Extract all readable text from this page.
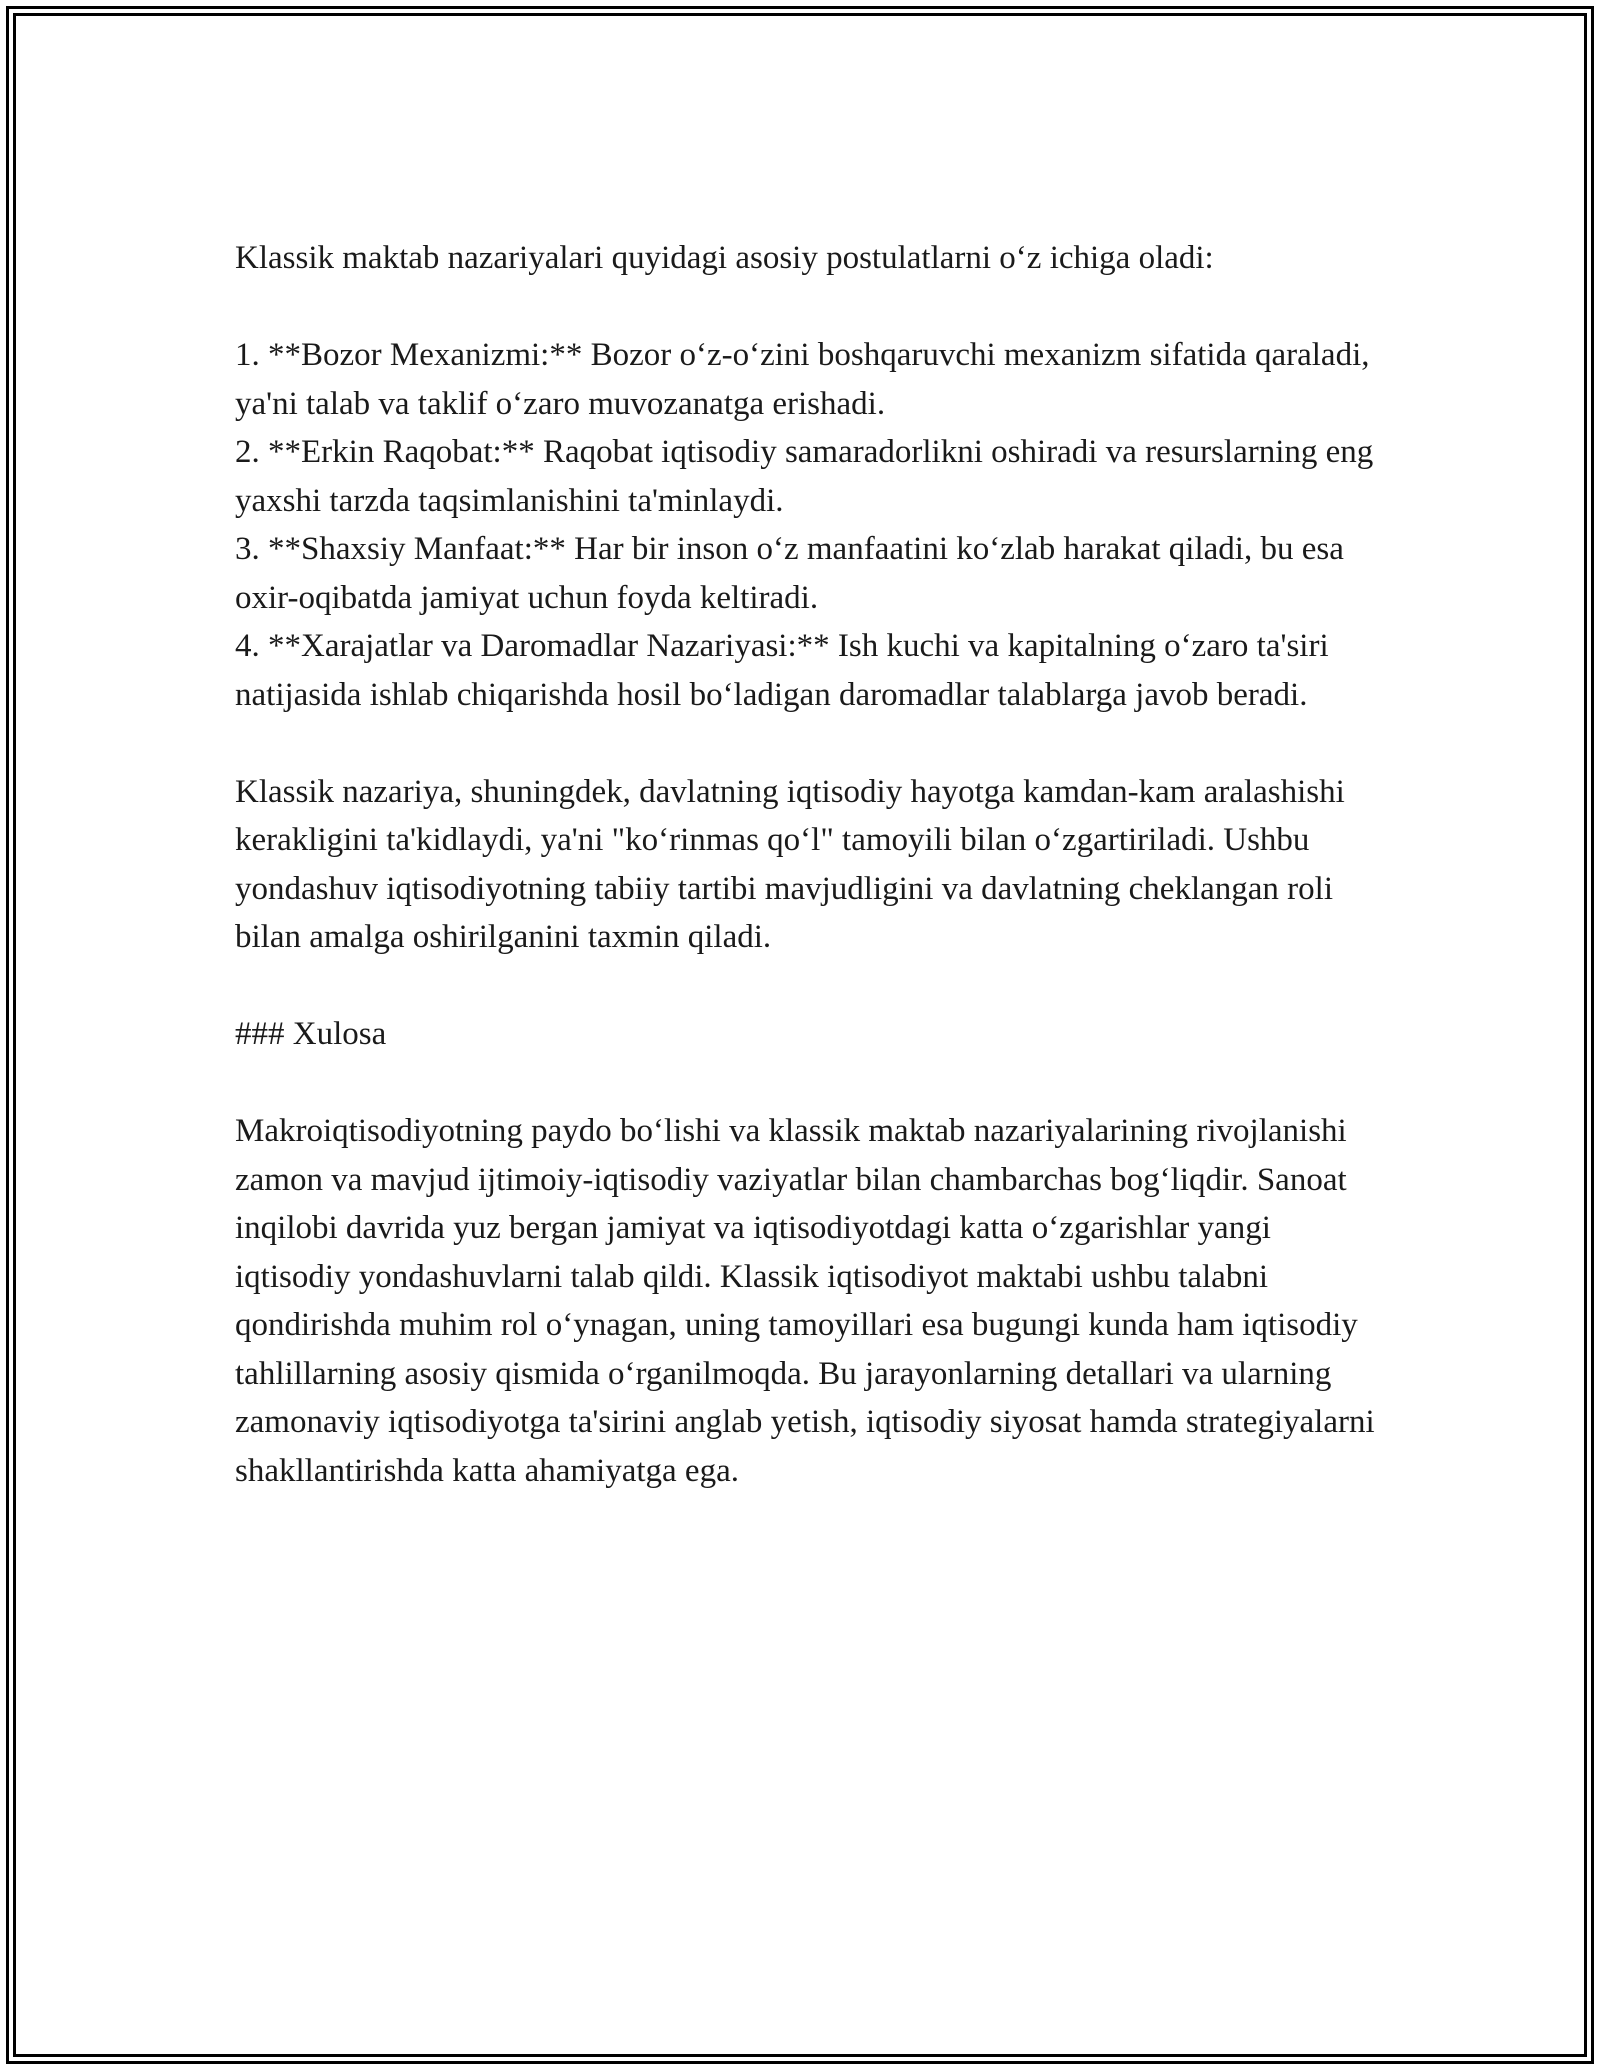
Klassik maktab nazariyalari quyidagi asosiy postulatlarni o‘z ichiga oladi:

1. **Bozor Mexanizmi:** Bozor o‘z-o‘zini boshqaruvchi mexanizm sifatida qaraladi, ya'ni talab va taklif o‘zaro muvozanatga erishadi.

2. **Erkin Raqobat:** Raqobat iqtisodiy samaradorlikni oshiradi va resurslarning eng yaxshi tarzda taqsimlanishini ta'minlaydi.

3. **Shaxsiy Manfaat:** Har bir inson o‘z manfaatini ko‘zlab harakat qiladi, bu esa oxir-oqibatda jamiyat uchun foyda keltiradi.

4. **Xarajatlar va Daromadlar Nazariyasi:** Ish kuchi va kapitalning o‘zaro ta'siri natijasida ishlab chiqarishda hosil bo‘ladigan daromadlar talablarga javob beradi.

Klassik nazariya, shuningdek, davlatning iqtisodiy hayotga kamdan-kam aralashishi kerakligini ta'kidlaydi, ya'ni "ko‘rinmas qo‘l" tamoyili bilan o‘zgartiriladi. Ushbu yondashuv iqtisodiyotning tabiiy tartibi mavjudligini va davlatning cheklangan roli bilan amalga oshirilganini taxmin qiladi.

### Xulosa

Makroiqtisodiyotning paydo bo‘lishi va klassik maktab nazariyalarining rivojlanishi zamon va mavjud ijtimoiy-iqtisodiy vaziyatlar bilan chambarchas bog‘liqdir. Sanoat inqilobi davrida yuz bergan jamiyat va iqtisodiyotdagi katta o‘zgarishlar yangi iqtisodiy yondashuvlarni talab qildi. Klassik iqtisodiyot maktabi ushbu talabni qondirishda muhim rol o‘ynagan, uning tamoyillari esa bugungi kunda ham iqtisodiy tahlillarning asosiy qismida o‘rganilmoqda. Bu jarayonlarning detallari va ularning zamonaviy iqtisodiyotga ta'sirini anglab yetish, iqtisodiy siyosat hamda strategiyalarni shakllantirishda katta ahamiyatga ega.
